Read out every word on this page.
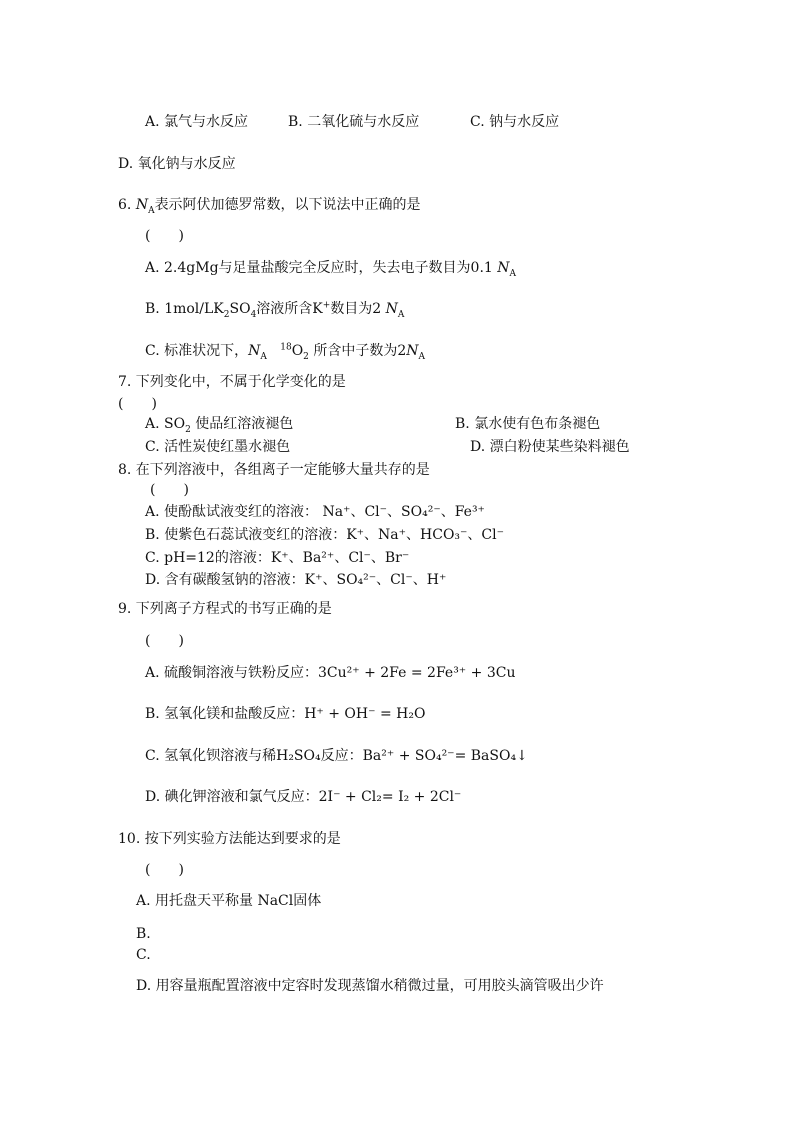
A. 氯气与水反应	B. 二氧化硫与水反应	C. 钠与水反应
D. 氧化钠与水反应
6. $N_A$表示阿伏加德罗常数，以下说法中正确的是
(　　)
A. 2.4gMg与足量盐酸完全反应时，失去电子数目为0.1 $N_A$
B. $1mol/LK_2SO_4$溶液所含K+数目为2 $N_A$
C. 标准状况下，$N_A$   $^{18}O_2$ 所含中子数为$2N_A$
7. 下列变化中，不属于化学变化的是
(　　)
A. $SO_2$ 使品红溶液褪色	B. 氯水使有色布条褪色
C. 活性炭使红墨水褪色	D. 漂白粉使某些染料褪色
8. 在下列溶液中，各组离子一定能够大量共存的是
(　　)
A. 使酚酞试液变红的溶液： Na⁺、Cl⁻、SO₄²⁻、Fe³⁺
B. 使紫色石蕊试液变红的溶液：K⁺、Na⁺、HCO₃⁻、Cl⁻
C. pH=12的溶液：K⁺、Ba²⁺、Cl⁻、Br⁻
D. 含有碳酸氢钠的溶液：K⁺、SO₄²⁻、Cl⁻、H⁺
9. 下列离子方程式的书写正确的是
(　　)
A. 硫酸铜溶液与铁粉反应：3Cu²⁺ + 2Fe = 2Fe³⁺ + 3Cu
B. 氢氧化镁和盐酸反应：H⁺ + OH⁻ = H₂O
C. 氢氧化钡溶液与稀H₂SO₄反应：Ba²⁺ + SO₄²⁻= BaSO₄↓
D. 碘化钾溶液和氯气反应：2I⁻ + Cl₂= I₂ + 2Cl⁻
10. 按下列实验方法能达到要求的是
(　　)
A. 用托盘天平称量 NaCl固体
B.
C.
D. 用容量瓶配置溶液中定容时发现蒸馏水稍微过量，可用胶头滴管吸出少许
